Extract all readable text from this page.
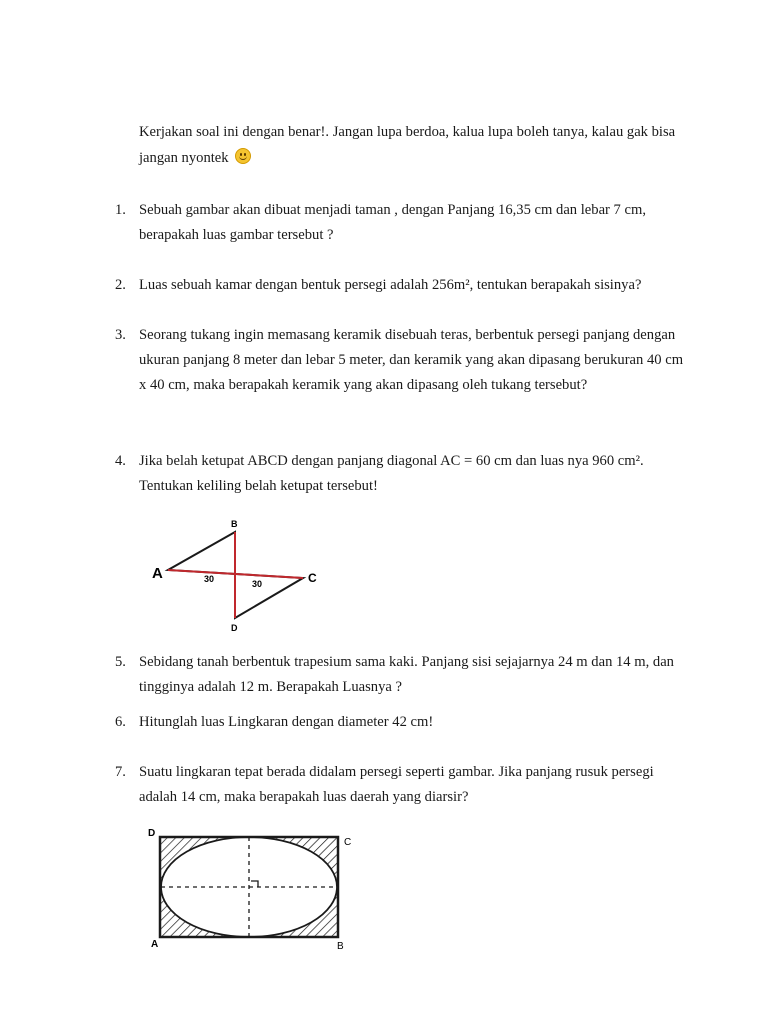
Kerjakan soal ini dengan benar!. Jangan lupa berdoa, kalua lupa boleh tanya, kalau gak bisa jangan nyontek
1. Sebuah gambar akan dibuat menjadi taman , dengan Panjang 16,35 cm dan lebar 7 cm, berapakah luas gambar tersebut ?
2. Luas sebuah kamar dengan bentuk persegi adalah 256m², tentukan berapakah sisinya?
3. Seorang tukang ingin memasang keramik disebuah teras, berbentuk persegi panjang dengan ukuran panjang 8 meter dan lebar 5 meter, dan keramik yang akan dipasang berukuran 40 cm x 40 cm, maka berapakah keramik yang akan dipasang oleh tukang tersebut?
4. Jika belah ketupat ABCD dengan panjang diagonal AC = 60 cm dan luas nya 960 cm². Tentukan keliling belah ketupat tersebut!
A
B
C
D
30	30
5. Sebidang tanah berbentuk trapesium sama kaki. Panjang sisi sejajarnya 24 m dan 14 m, dan tingginya adalah 12 m. Berapakah Luasnya ?
6. Hitunglah luas Lingkaran dengan diameter 42 cm!
7. Suatu lingkaran tepat berada didalam persegi seperti gambar. Jika panjang rusuk persegi adalah 14 cm, maka berapakah luas daerah yang diarsir?
D
C
A	B
